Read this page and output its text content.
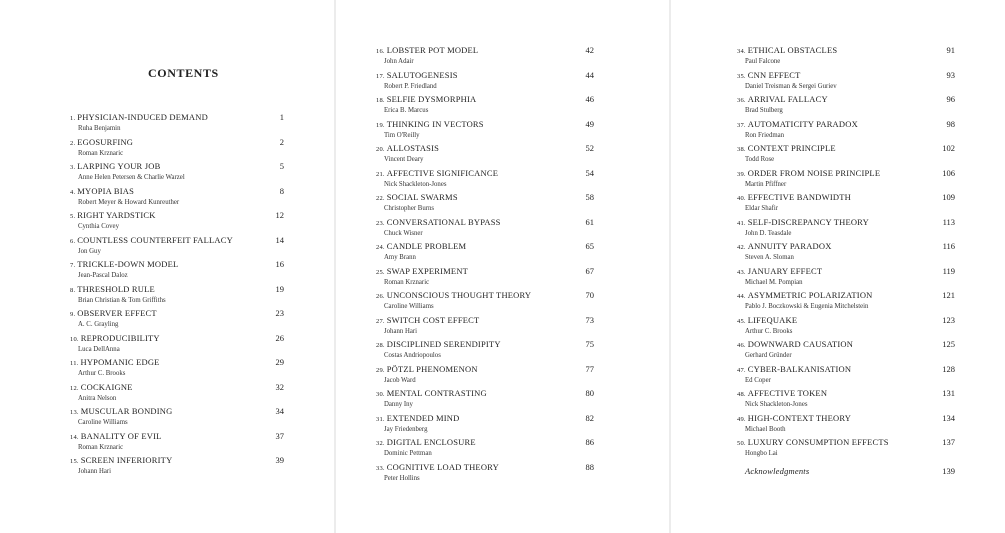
CONTENTS
1. PHYSICIAN-INDUCED DEMAND
Ruha Benjamin
1
2. EGOSURFING
Roman Krznaric
2
3. LARPING YOUR JOB
Anne Helen Petersen & Charlie Warzel
5
4. MYOPIA BIAS
Robert Meyer & Howard Kunreuther
8
5. RIGHT YARDSTICK
Cynthia Covey
12
6. COUNTLESS COUNTERFEIT FALLACY
Jon Guy
14
7. TRICKLE-DOWN MODEL
Jean-Pascal Daloz
16
8. THRESHOLD RULE
Brian Christian & Tom Griffiths
19
9. OBSERVER EFFECT
A. C. Grayling
23
10. REPRODUCIBILITY
Luca DellAnna
26
11. HYPOMANIC EDGE
Arthur C. Brooks
29
12. COCKAIGNE
Anitra Nelson
32
13. MUSCULAR BONDING
Caroline Williams
34
14. BANALITY OF EVIL
Roman Krznaric
37
15. SCREEN INFERIORITY
Johann Hari
39
16. LOBSTER POT MODEL
John Adair
42
17. SALUTOGENESIS
Robert P. Friedland
44
18. SELFIE DYSMORPHIA
Erica B. Marcus
46
19. THINKING IN VECTORS
Tim O'Reilly
49
20. ALLOSTASIS
Vincent Deary
52
21. AFFECTIVE SIGNIFICANCE
Nick Shackleton-Jones
54
22. SOCIAL SWARMS
Christopher Burns
58
23. CONVERSATIONAL BYPASS
Chuck Wisner
61
24. CANDLE PROBLEM
Amy Brann
65
25. SWAP EXPERIMENT
Roman Krznaric
67
26. UNCONSCIOUS THOUGHT THEORY
Caroline Williams
70
27. SWITCH COST EFFECT
Johann Hari
73
28. DISCIPLINED SERENDIPITY
Costas Andriopoulos
75
29. PÖTZL PHENOMENON
Jacob Ward
77
30. MENTAL CONTRASTING
Danny Iny
80
31. EXTENDED MIND
Jay Friedenberg
82
32. DIGITAL ENCLOSURE
Dominic Pettman
86
33. COGNITIVE LOAD THEORY
Peter Hollins
88
34. ETHICAL OBSTACLES
Paul Falcone
91
35. CNN EFFECT
Daniel Treisman & Sergei Guriev
93
36. ARRIVAL FALLACY
Brad Stulberg
96
37. AUTOMATICITY PARADOX
Ron Friedman
98
38. CONTEXT PRINCIPLE
Todd Rose
102
39. ORDER FROM NOISE PRINCIPLE
Martin Pfiffner
106
40. EFFECTIVE BANDWIDTH
Eldar Shafir
109
41. SELF-DISCREPANCY THEORY
John D. Teasdale
113
42. ANNUITY PARADOX
Steven A. Sloman
116
43. JANUARY EFFECT
Michael M. Pompian
119
44. ASYMMETRIC POLARIZATION
Pablo J. Boczkowski & Eugenia Mitchelstein
121
45. LIFEQUAKE
Arthur C. Brooks
123
46. DOWNWARD CAUSATION
Gerhard Gründer
125
47. CYBER-BALKANISATION
Ed Coper
128
48. AFFECTIVE TOKEN
Nick Shackleton-Jones
131
49. HIGH-CONTEXT THEORY
Michael Booth
134
50. LUXURY CONSUMPTION EFFECTS
Hongbo Lai
137
Acknowledgments	139
